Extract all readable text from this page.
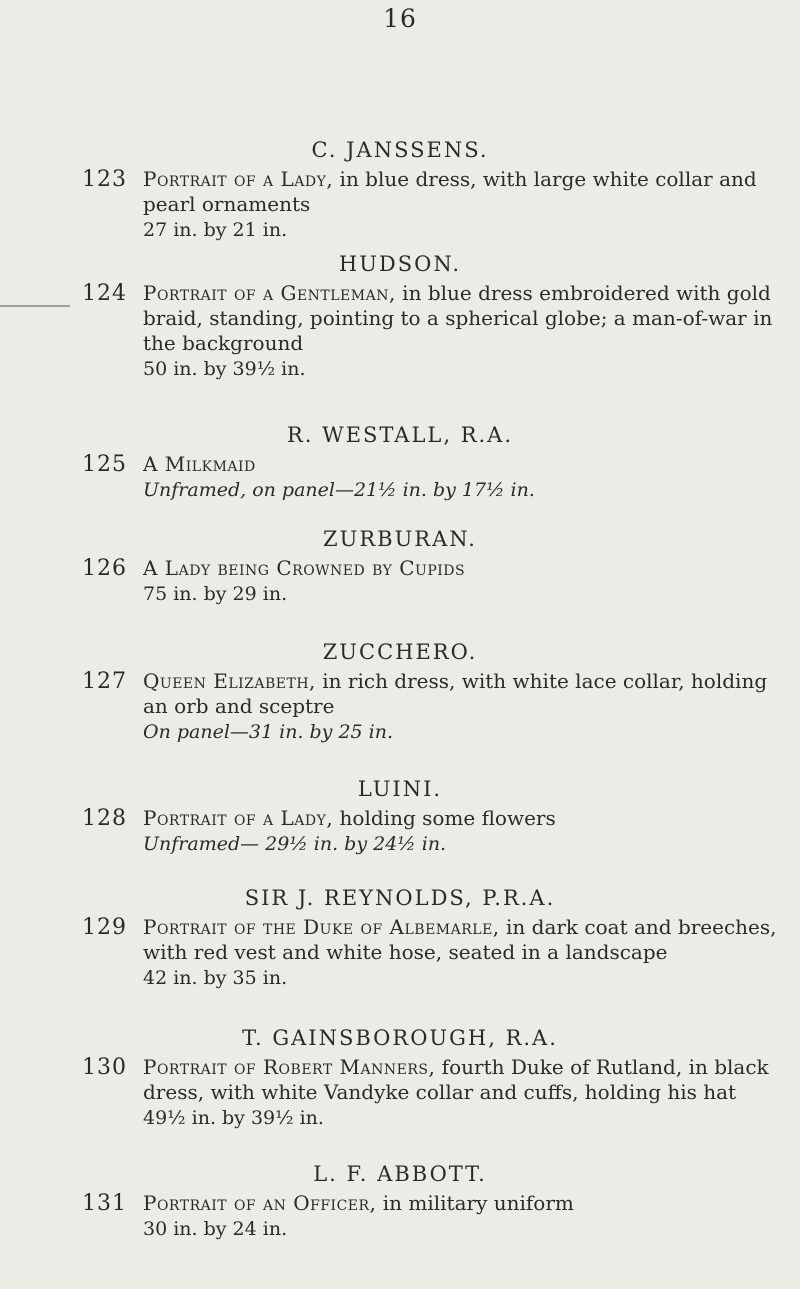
16
C. JANSSENS.
123 Portrait of a Lady, in blue dress, with large white collar and pearl ornaments
27 in. by 21 in.
HUDSON.
124 Portrait of a Gentleman, in blue dress embroidered with gold braid, standing, pointing to a spherical globe; a man-of-war in the background
50 in. by 39½ in.
R. WESTALL, R.A.
125 A Milkmaid
Unframed, on panel—21½ in. by 17½ in.
ZURBURAN.
126 A Lady being Crowned by Cupids
75 in. by 29 in.
ZUCCHERO.
127 Queen Elizabeth, in rich dress, with white lace collar, holding an orb and sceptre
On panel—31 in. by 25 in.
LUINI.
128 Portrait of a Lady, holding some flowers
Unframed— 29½ in. by 24½ in.
SIR J. REYNOLDS, P.R.A.
129 Portrait of the Duke of Albemarle, in dark coat and breeches, with red vest and white hose, seated in a landscape
42 in. by 35 in.
T. GAINSBOROUGH, R.A.
130 Portrait of Robert Manners, fourth Duke of Rutland, in black dress, with white Vandyke collar and cuffs, holding his hat
49½ in. by 39½ in.
L. F. ABBOTT.
131 Portrait of an Officer, in military uniform
30 in. by 24 in.
